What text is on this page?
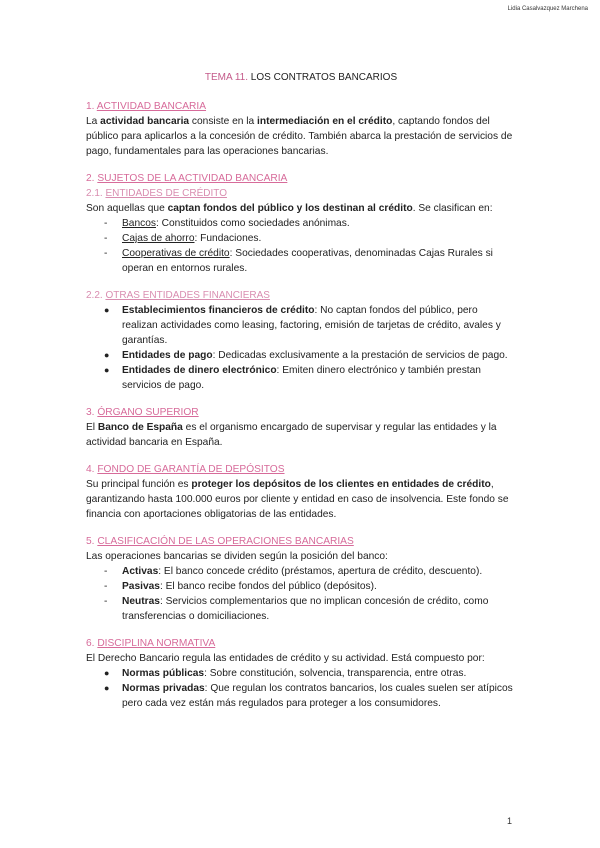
Lidia Casalvazquez Marchena
TEMA 11. LOS CONTRATOS BANCARIOS
1. ACTIVIDAD BANCARIA

La actividad bancaria consiste en la intermediación en el crédito, captando fondos del público para aplicarlos a la concesión de crédito. También abarca la prestación de servicios de pago, fundamentales para las operaciones bancarias.

2. SUJETOS DE LA ACTIVIDAD BANCARIA
2.1. ENTIDADES DE CRÉDITO

Son aquellas que captan fondos del público y los destinan al crédito. Se clasifican en:

- Bancos: Constituidos como sociedades anónimas.
- Cajas de ahorro: Fundaciones.
- Cooperativas de crédito: Sociedades cooperativas, denominadas Cajas Rurales si operan en entornos rurales.
2.2. OTRAS ENTIDADES FINANCIERAS
● Establecimientos financieros de crédito: No captan fondos del público, pero realizan actividades como leasing, factoring, emisión de tarjetas de crédito, avales y garantías.
● Entidades de pago: Dedicadas exclusivamente a la prestación de servicios de pago.
● Entidades de dinero electrónico: Emiten dinero electrónico y también prestan servicios de pago.
3. ÓRGANO SUPERIOR

El Banco de España es el organismo encargado de supervisar y regular las entidades y la actividad bancaria en España.

4. FONDO DE GARANTÍA DE DEPÓSITOS

Su principal función es proteger los depósitos de los clientes en entidades de crédito, garantizando hasta 100.000 euros por cliente y entidad en caso de insolvencia. Este fondo se financia con aportaciones obligatorias de las entidades.

5. CLASIFICACIÓN DE LAS OPERACIONES BANCARIAS

Las operaciones bancarias se dividen según la posición del banco:

- Activas: El banco concede crédito (préstamos, apertura de crédito, descuento).
- Pasivas: El banco recibe fondos del público (depósitos).
- Neutras: Servicios complementarios que no implican concesión de crédito, como transferencias o domiciliaciones.
6. DISCIPLINA NORMATIVA

El Derecho Bancario regula las entidades de crédito y su actividad. Está compuesto por:

● Normas públicas: Sobre constitución, solvencia, transparencia, entre otras.
● Normas privadas: Que regulan los contratos bancarios, los cuales suelen ser atípicos pero cada vez están más regulados para proteger a los consumidores.
1
